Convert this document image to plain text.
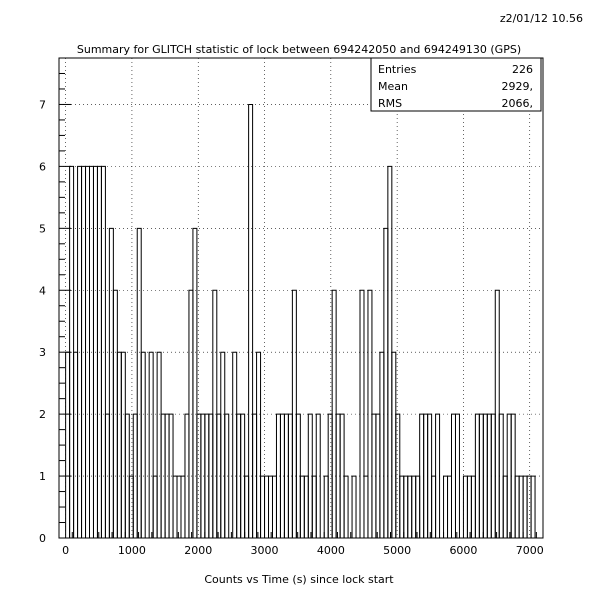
z2/01/12 10.56
Summary for GLITCH statistic of lock between 694242050 and 694249130 (GPS)
0	1000	2000	3000	4000	5000	6000	7000
0
1
2
3
4
5
6
7
Counts vs Time (s) since lock start
Entries	226
Mean	2929,
RMS	2066,
